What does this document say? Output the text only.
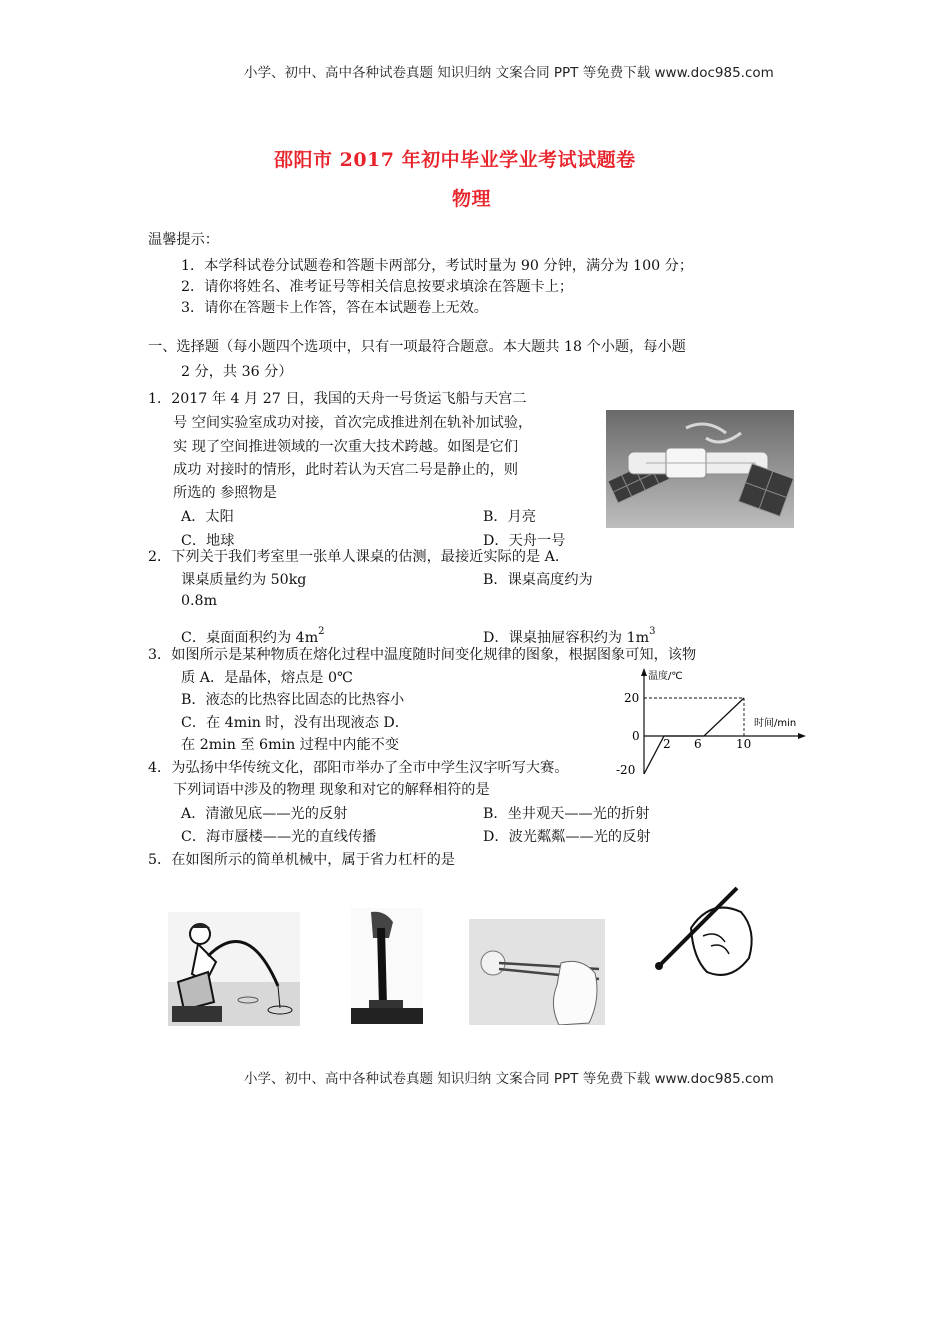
小学、初中、高中各种试卷真题 知识归纳 文案合同 PPT 等免费下载 www.doc985.com
邵阳市 2017 年初中毕业学业考试试题卷
物理
温馨提示：
1．本学科试卷分试题卷和答题卡两部分，考试时量为 90 分钟，满分为 100 分；
2．请你将姓名、准考证号等相关信息按要求填涂在答题卡上；
3．请你在答题卡上作答，答在本试题卷上无效。
一、选择题（每小题四个选项中，只有一项最符合题意。本大题共 18 个小题，每小题
2 分，共 36 分）
1．2017 年 4 月 27 日，我国的天舟一号货运飞船与天宫二
号 空间实验室成功对接，首次完成推进剂在轨补加试验，
实 现了空间推进领域的一次重大技术跨越。如图是它们
成功 对接时的情形，此时若认为天宫二号是静止的，则
所选的 参照物是
A．太阳	B．月亮
C．地球	D．天舟一号
2．下列关于我们考室里一张单人课桌的估测，最接近实际的是 A．
课桌质量约为 50kg	B．课桌高度约为
0.8m
C．桌面面积约为 $4m^2$	D．课桌抽屉容积约为 $1m^3$
3．如图所示是某种物质在熔化过程中温度随时间变化规律的图象，根据图象可知，该物
质 A．是晶体，熔点是 0℃
B．液态的比热容比固态的比热容小
C．在 4min 时，没有出现液态 D．
在 2min 至 6min 过程中内能不变
温度/℃
时间/min
20
0
-20
2 6	10
4．为弘扬中华传统文化，邵阳市举办了全市中学生汉字听写大赛。
下列词语中涉及的物理 现象和对它的解释相符的是
A．清澈见底——光的反射	B．坐井观天——光的折射
C．海市蜃楼——光的直线传播	D．波光粼粼——光的反射
5．在如图所示的简单机械中，属于省力杠杆的是
小学、初中、高中各种试卷真题 知识归纳 文案合同 PPT 等免费下载 www.doc985.com
